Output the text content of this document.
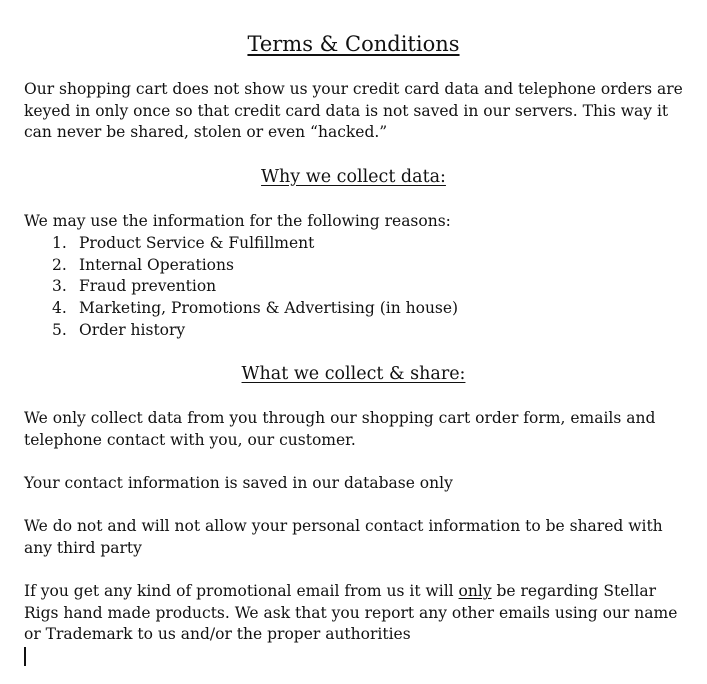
Terms & Conditions

Our shopping cart does not show us your credit card data and telephone orders are keyed in only once so that credit card data is not saved in our servers. This way it can never be shared, stolen or even “hacked.”

Why we collect data:

We may use the information for the following reasons:

1. Product Service & Fulfillment
2. Internal Operations
3. Fraud prevention
4. Marketing, Promotions & Advertising (in house)
5. Order history
What we collect & share:

We only collect data from you through our shopping cart order form, emails and telephone contact with you, our customer.

Your contact information is saved in our database only

We do not and will not allow your personal contact information to be shared with any third party

If you get any kind of promotional email from us it will only be regarding Stellar Rigs hand made products. We ask that you report any other emails using our name or Trademark to us and/or the proper authorities
